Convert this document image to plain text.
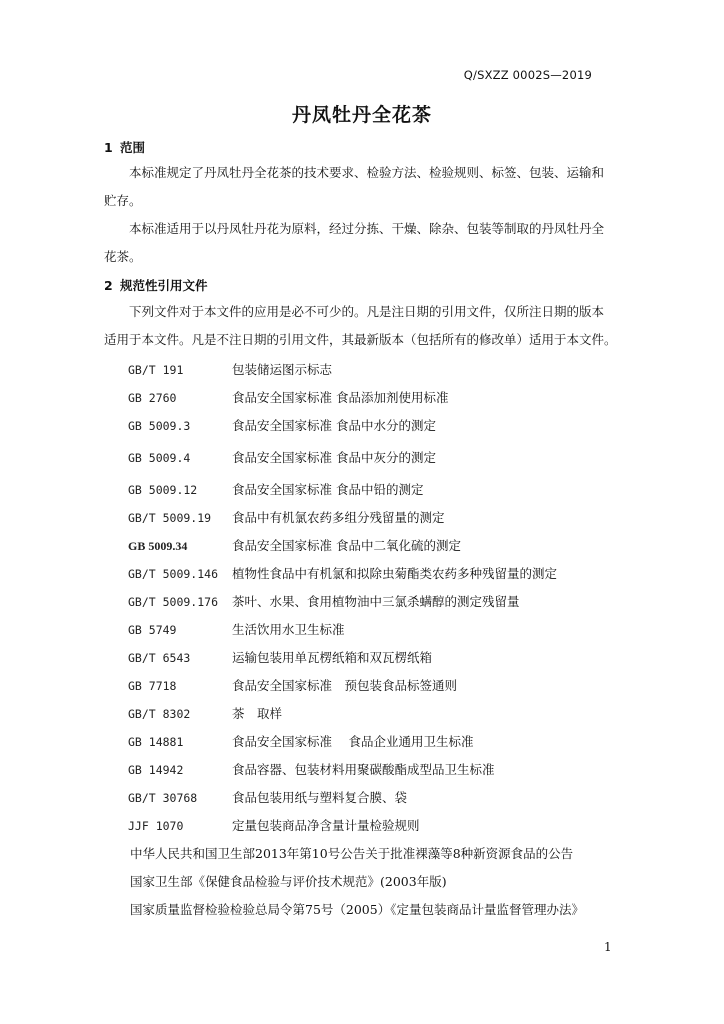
Q/SXZZ 0002S—2019
丹凤牡丹全花茶
1 范围
本标准规定了丹凤牡丹全花茶的技术要求、检验方法、检验规则、标签、包装、运输和
贮存。
本标准适用于以丹凤牡丹花为原料，经过分拣、干燥、除杂、包装等制取的丹凤牡丹全
花茶。
2 规范性引用文件
下列文件对于本文件的应用是必不可少的。凡是注日期的引用文件，仅所注日期的版本
适用于本文件。凡是不注日期的引用文件，其最新版本（包括所有的修改单）适用于本文件。
GB/T 191	包装储运图示标志
GB 2760	食品安全国家标准 食品添加剂使用标准
GB 5009.3	食品安全国家标准 食品中水分的测定
GB 5009.4	食品安全国家标准 食品中灰分的测定
GB 5009.12	食品安全国家标准 食品中铅的测定
GB/T 5009.19 食品中有机氯农药多组分残留量的测定
GB 5009.34	食品安全国家标准 食品中二氧化硫的测定
GB/T 5009.146 植物性食品中有机氯和拟除虫菊酯类农药多种残留量的测定
GB/T 5009.176 茶叶、水果、食用植物油中三氯杀螨醇的测定残留量
GB 5749	生活饮用水卫生标准
GB/T 6543	运输包装用单瓦楞纸箱和双瓦楞纸箱
GB 7718	食品安全国家标准　预包装食品标签通则
GB/T 8302	茶　取样
GB 14881	食品安全国家标准　 食品企业通用卫生标准
GB 14942	食品容器、包装材料用聚碳酸酯成型品卫生标准
GB/T 30768	食品包装用纸与塑料复合膜、袋
JJF 1070	定量包装商品净含量计量检验规则
中华人民共和国卫生部2013年第10号公告关于批准裸藻等8种新资源食品的公告
国家卫生部《保健食品检验与评价技术规范》(2003年版)
国家质量监督检验检验总局令第75号（2005）《定量包装商品计量监督管理办法》
1
